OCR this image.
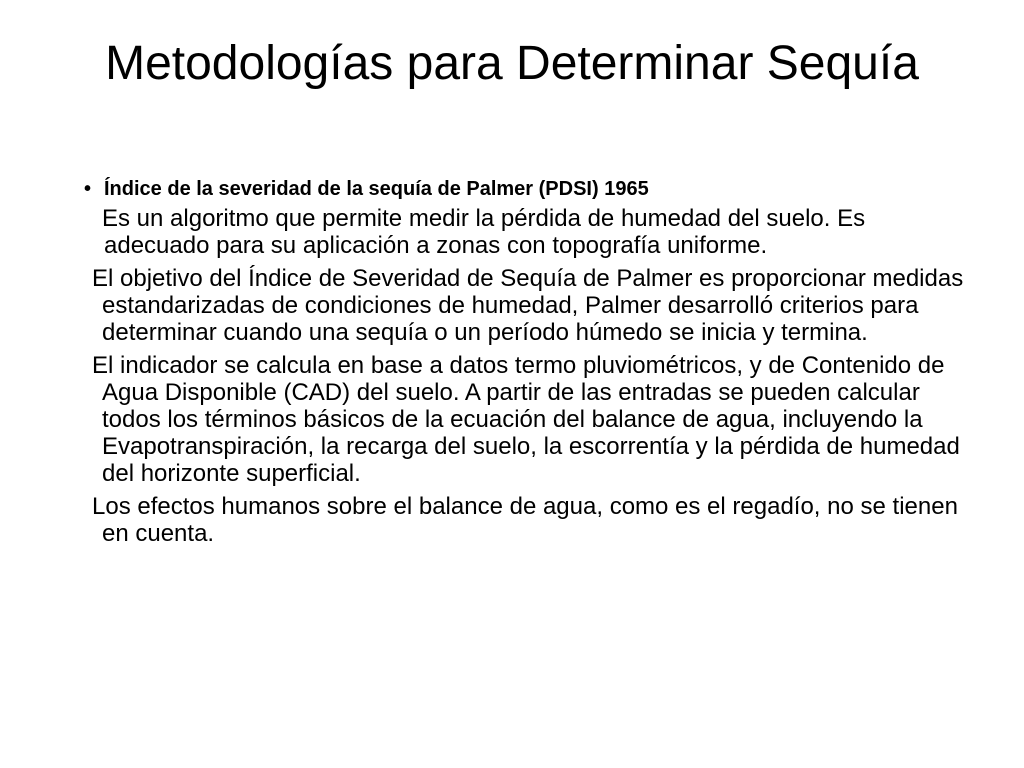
Metodologías para Determinar Sequía

• Índice de la severidad de la sequía de Palmer (PDSI) 1965

Es un algoritmo que permite medir la pérdida de humedad del suelo. Es adecuado para su aplicación a zonas con topografía uniforme.

El objetivo del Índice de Severidad de Sequía de Palmer es proporcionar medidas estandarizadas de condiciones de humedad, Palmer desarrolló criterios para determinar cuando una sequía o un período húmedo se inicia y termina.

El indicador se calcula en base a datos termo pluviométricos, y de Contenido de Agua Disponible (CAD) del suelo. A partir de las entradas se pueden calcular todos los términos básicos de la ecuación del balance de agua, incluyendo la Evapotranspiración, la recarga del suelo, la escorrentía y la pérdida de humedad del horizonte superficial.

Los efectos humanos sobre el balance de agua, como es el regadío, no se tienen en cuenta.
